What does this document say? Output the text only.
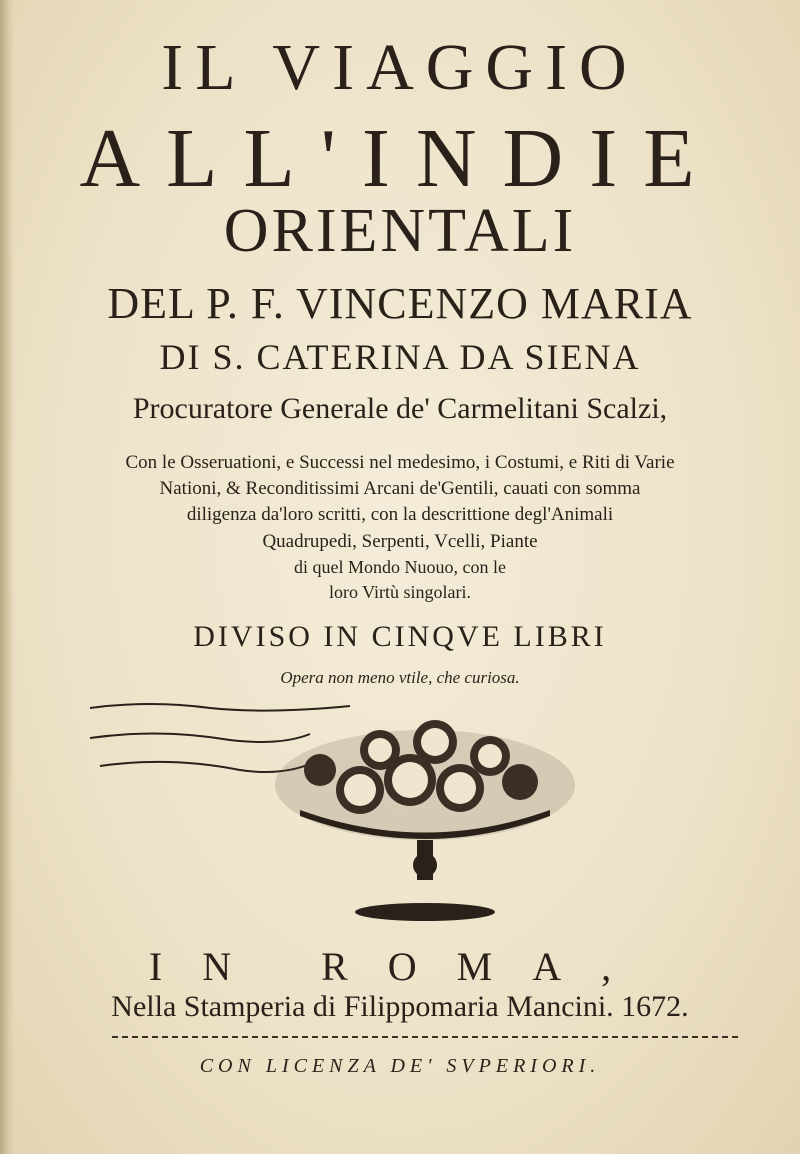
IL VIAGGIO
ALL'INDIE
ORIENTALI
DEL P. F. VINCENZO MARIA
DI S. CATERINA DA SIENA
Procuratore Generale de' Carmelitani Scalzi,
Con le Osseruationi, e Successi nel medesimo, i Costumi, e Riti di Varie
Nationi, & Reconditissimi Arcani de'Gentili, cauati con somma
diligenza da'loro scritti, con la descrittione degl'Animali
Quadrupedi, Serpenti, Vcelli, Piante
di quel Mondo Nuouo, con le
loro Virtù singolari.
DIVISO IN CINQVE LIBRI
Opera non meno vtile, che curiosa.
IN ROMA,
Nella Stamperia di Filippomaria Mancini. 1672.
CON LICENZA DE' SVPERIORI.
